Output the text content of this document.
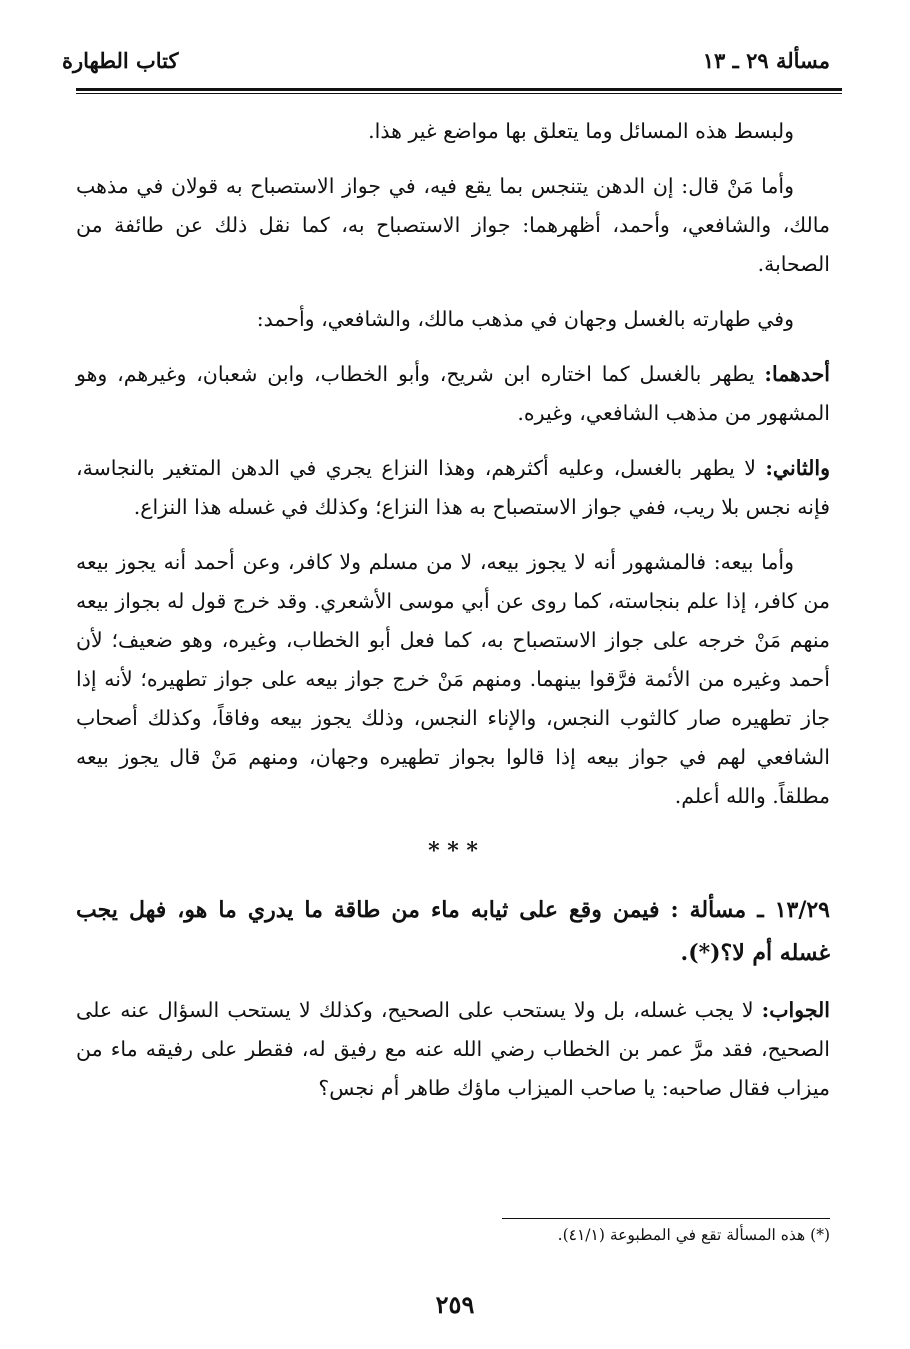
مسألة ٢٩ ـ ١٣
كتاب الطهارة

ولبسط هذه المسائل وما يتعلق بها مواضع غير هذا.

وأما مَنْ قال: إن الدهن يتنجس بما يقع فيه، في جواز الاستصباح به قولان في مذهب مالك، والشافعي، وأحمد، أظهرهما: جواز الاستصباح به، كما نقل ذلك عن طائفة من الصحابة.

وفي طهارته بالغسل وجهان في مذهب مالك، والشافعي، وأحمد:

أحدهما: يطهر بالغسل كما اختاره ابن شريح، وأبو الخطاب، وابن شعبان، وغيرهم، وهو المشهور من مذهب الشافعي، وغيره.

والثاني: لا يطهر بالغسل، وعليه أكثرهم، وهذا النزاع يجري في الدهن المتغير بالنجاسة، فإنه نجس بلا ريب، ففي جواز الاستصباح به هذا النزاع؛ وكذلك في غسله هذا النزاع.

وأما بيعه: فالمشهور أنه لا يجوز بيعه، لا من مسلم ولا كافر، وعن أحمد أنه يجوز بيعه من كافر، إذا علم بنجاسته، كما روى عن أبي موسى الأشعري. وقد خرج قول له بجواز بيعه منهم مَنْ خرجه على جواز الاستصباح به، كما فعل أبو الخطاب، وغيره، وهو ضعيف؛ لأن أحمد وغيره من الأئمة فرَّقوا بينهما. ومنهم مَنْ خرج جواز بيعه على جواز تطهيره؛ لأنه إذا جاز تطهيره صار كالثوب النجس، والإناء النجس، وذلك يجوز بيعه وفاقاً، وكذلك أصحاب الشافعي لهم في جواز بيعه إذا قالوا بجواز تطهيره وجهان، ومنهم مَنْ قال يجوز بيعه مطلقاً. والله أعلم.

* * *

١٣/٢٩ ـ مسألة : فيمن وقع على ثيابه ماء من طاقة ما يدري ما هو، فهل يجب غسله أم لا؟(*).

الجواب: لا يجب غسله، بل ولا يستحب على الصحيح، وكذلك لا يستحب السؤال عنه على الصحيح، فقد مرَّ عمر بن الخطاب رضي الله عنه مع رفيق له، فقطر على رفيقه ماء من ميزاب فقال صاحبه: يا صاحب الميزاب ماؤك طاهر أم نجس؟

(*) هذه المسألة تقع في المطبوعة (٤١/١).
٢٥٩
